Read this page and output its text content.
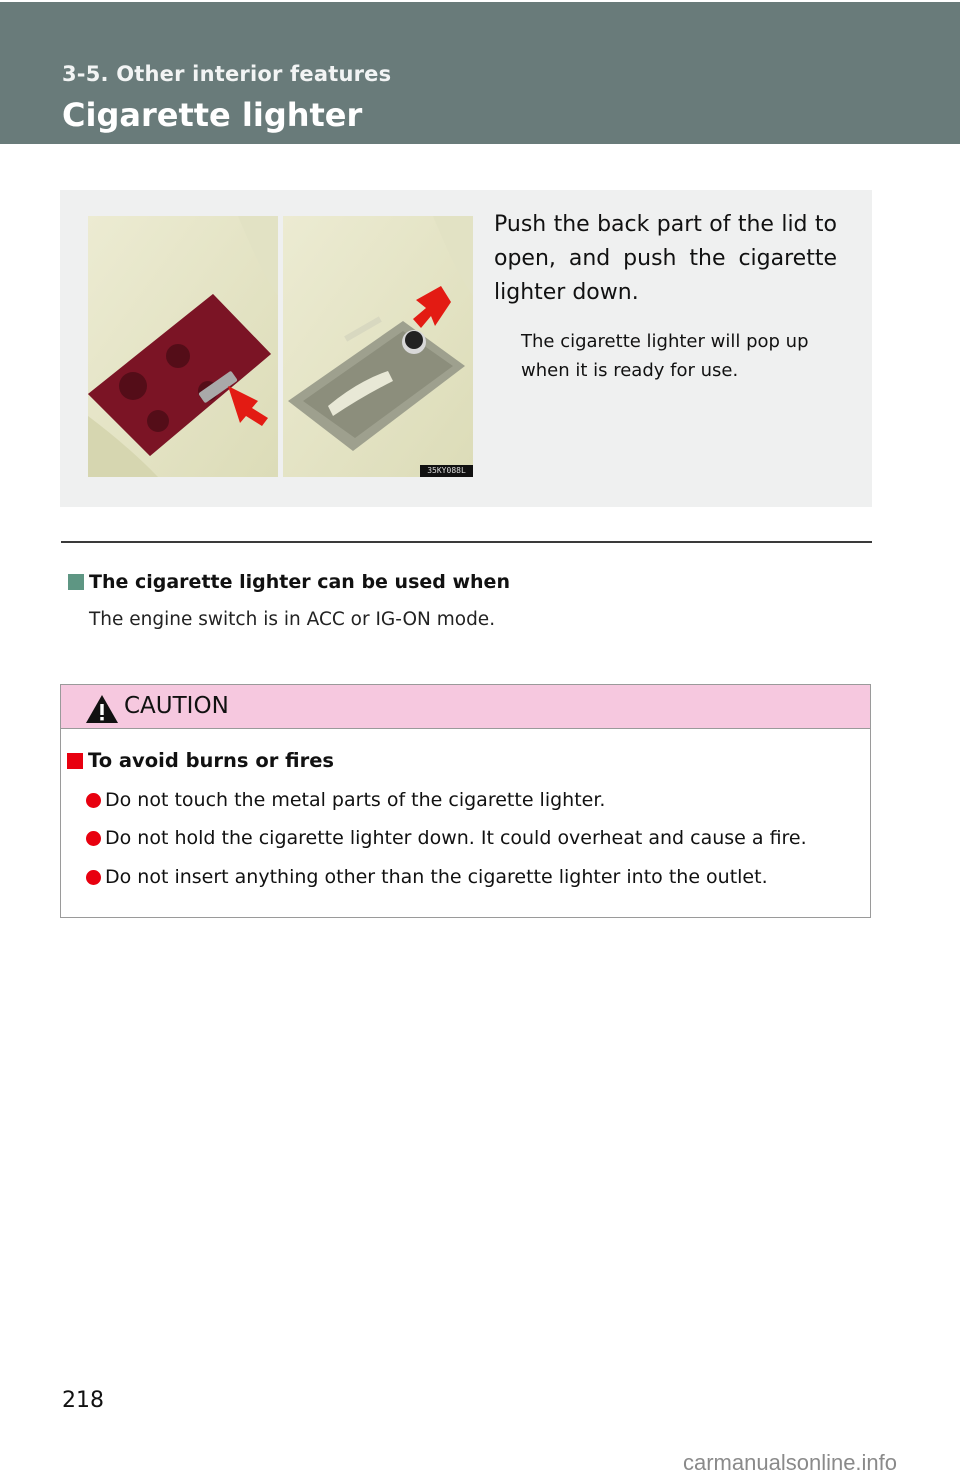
3-5. Other interior features
Cigarette lighter
35KY088L
Push the back part of the lid to open, and push the cigarette lighter down.
The cigarette lighter will pop up when it is ready for use.
The cigarette lighter can be used when
The engine switch is in ACC or IG-ON mode.
CAUTION
To avoid burns or fires
Do not touch the metal parts of the cigarette lighter.
Do not hold the cigarette lighter down. It could overheat and cause a fire.
Do not insert anything other than the cigarette lighter into the outlet.
218
carmanualsonline.info
